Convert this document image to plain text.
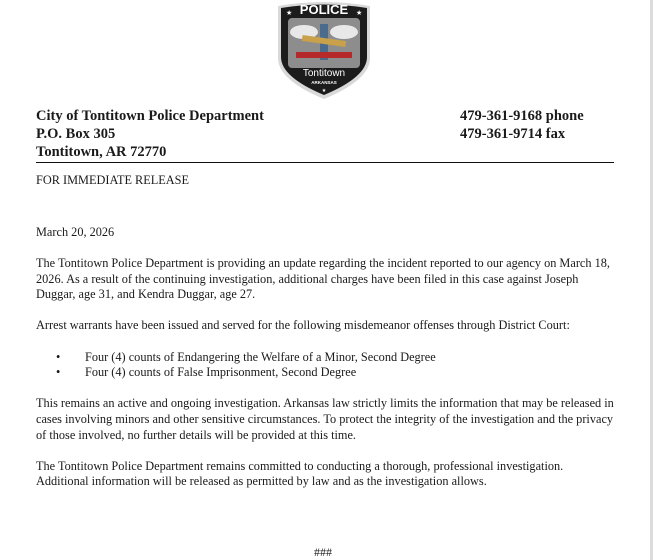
POLICE
★	★
Tontitown
ARKANSAS
★
City of Tontitown Police Department
P.O. Box 305
Tontitown, AR 72770
479-361-9168 phone
479-361-9714 fax

FOR IMMEDIATE RELEASE

March 20, 2026

The Tontitown Police Department is providing an update regarding the incident reported to our agency on March 18, 2026. As a result of the continuing investigation, additional charges have been filed in this case against Joseph Duggar, age 31, and Kendra Duggar, age 27.

Arrest warrants have been issued and served for the following misdemeanor offenses through District Court:

• Four (4) counts of Endangering the Welfare of a Minor, Second Degree
• Four (4) counts of False Imprisonment, Second Degree

This remains an active and ongoing investigation. Arkansas law strictly limits the information that may be released in cases involving minors and other sensitive circumstances. To protect the integrity of the investigation and the privacy of those involved, no further details will be provided at this time.

The Tontitown Police Department remains committed to conducting a thorough, professional investigation. Additional information will be released as permitted by law and as the investigation allows.

###
